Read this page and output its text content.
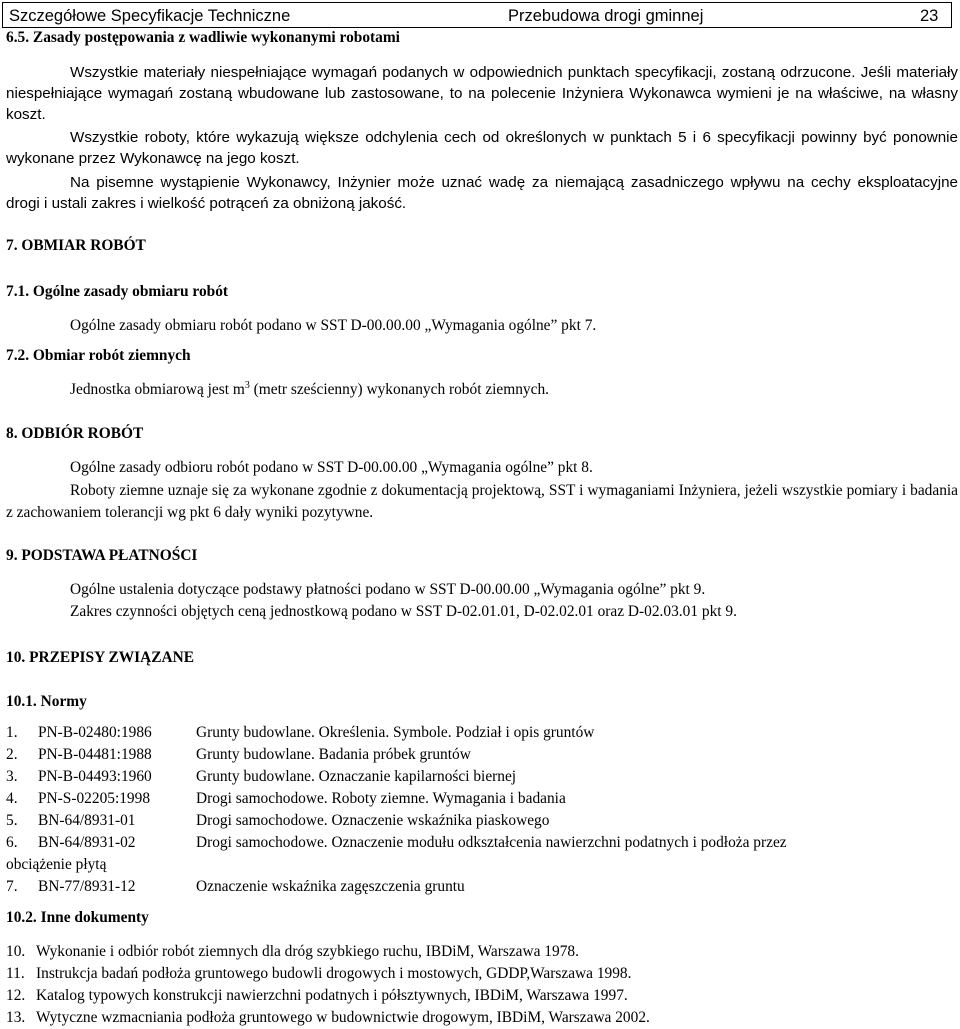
Szczegółowe Specyfikacje Techniczne	Przebudowa drogi gminnej	23
6.5. Zasady postępowania z wadliwie wykonanymi robotami
Wszystkie materiały niespełniające wymagań podanych w odpowiednich punktach specyfikacji, zostaną odrzucone. Jeśli materiały niespełniające wymagań zostaną wbudowane lub zastosowane, to na polecenie Inżyniera Wykonawca wymieni je na właściwe, na własny koszt.
Wszystkie roboty, które wykazują większe odchylenia cech od określonych w punktach 5 i 6 specyfikacji powinny być ponownie wykonane przez Wykonawcę na jego koszt.
Na pisemne wystąpienie Wykonawcy, Inżynier może uznać wadę za niemającą zasadniczego wpływu na cechy eksploatacyjne drogi i ustali zakres i wielkość potrąceń za obniżoną jakość.
7. OBMIAR ROBÓT
7.1. Ogólne zasady obmiaru robót
Ogólne zasady obmiaru robót podano w SST D-00.00.00 „Wymagania ogólne” pkt 7.
7.2. Obmiar robót ziemnych
Jednostka obmiarową jest $m^3$ (metr sześcienny) wykonanych robót ziemnych.
8. ODBIÓR ROBÓT
Ogólne zasady odbioru robót podano w SST D-00.00.00 „Wymagania ogólne” pkt 8.
Roboty ziemne uznaje się za wykonane zgodnie z dokumentacją projektową, SST i wymaganiami Inżyniera, jeżeli wszystkie pomiary i badania z zachowaniem tolerancji wg pkt 6 dały wyniki pozytywne.
9. PODSTAWA PŁATNOŚCI
Ogólne ustalenia dotyczące podstawy płatności podano w SST D-00.00.00 „Wymagania ogólne” pkt 9.
Zakres czynności objętych ceną jednostkową podano w SST D-02.01.01, D-02.02.01 oraz D-02.03.01 pkt 9.
10. PRZEPISY ZWIĄZANE
10.1. Normy
1. PN-B-02480:1986	Grunty budowlane. Określenia. Symbole. Podział i opis gruntów
2. PN-B-04481:1988	Grunty budowlane. Badania próbek gruntów
3. PN-B-04493:1960	Grunty budowlane. Oznaczanie kapilarności biernej
4. PN-S-02205:1998	Drogi samochodowe. Roboty ziemne. Wymagania i badania
5. BN-64/8931-01	Drogi samochodowe. Oznaczenie wskaźnika piaskowego
6. BN-64/8931-02	Drogi samochodowe. Oznaczenie modułu odkształcenia nawierzchni podatnych i podłoża przez
obciążenie płytą
7. BN-77/8931-12	Oznaczenie wskaźnika zagęszczenia gruntu
10.2. Inne dokumenty
10. Wykonanie i odbiór robót ziemnych dla dróg szybkiego ruchu, IBDiM, Warszawa 1978.
11. Instrukcja badań podłoża gruntowego budowli drogowych i mostowych, GDDP,Warszawa 1998.
12. Katalog typowych konstrukcji nawierzchni podatnych i półsztywnych, IBDiM, Warszawa 1997.
13. Wytyczne wzmacniania podłoża gruntowego w budownictwie drogowym, IBDiM, Warszawa 2002.
